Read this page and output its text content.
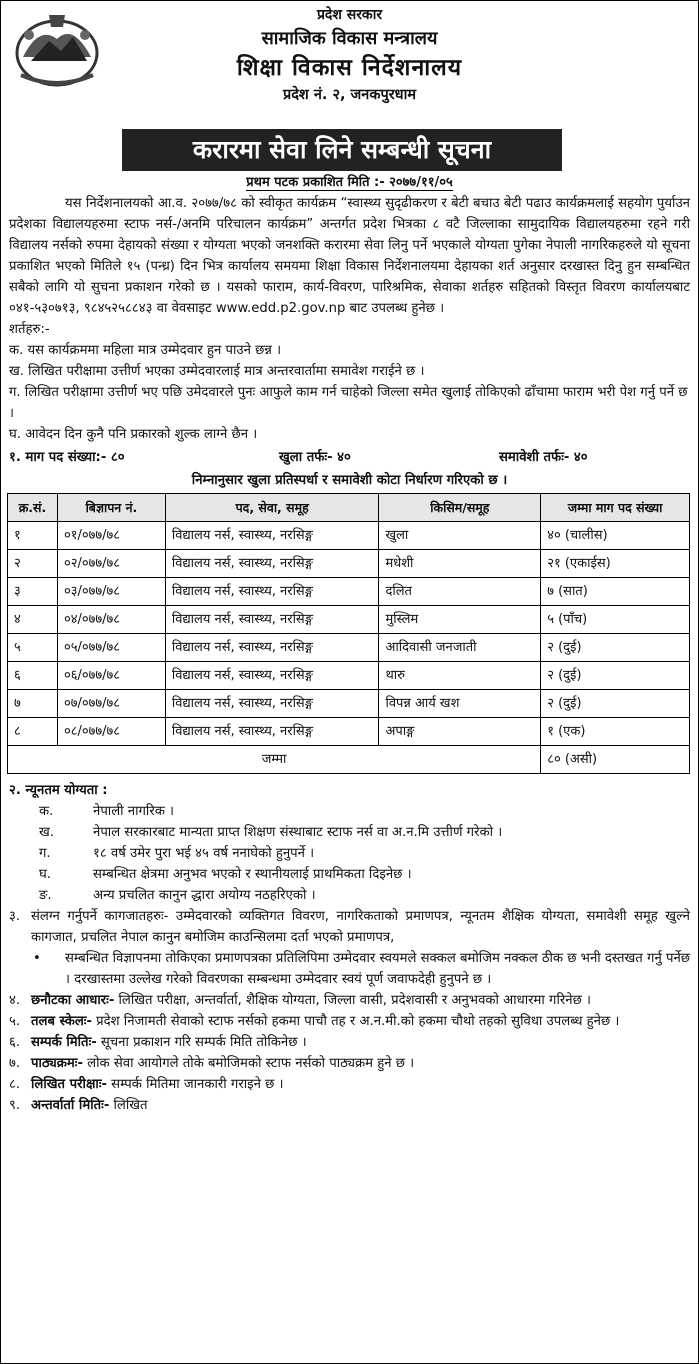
प्रदेश सरकार
सामाजिक विकास मन्त्रालय
शिक्षा विकास निर्देशनालय
प्रदेश नं. २, जनकपुरधाम
करारमा सेवा लिने सम्बन्धी सूचना
प्रथम पटक प्रकाशित मिति :- २०७७/११/०५

यस निर्देशनालयको आ.व. २०७७/७८ को स्वीकृत कार्यक्रम “स्वास्थ्य सुदृढीकरण र बेटी बचाउ बेटी पढाउ कार्यक्रमलाई सहयोग पुर्याउन प्रदेशका विद्यालयहरुमा स्टाफ नर्स-/अनमि परिचालन कार्यक्रम” अन्तर्गत प्रदेश भित्रका ८ वटै जिल्लाका सामुदायिक विद्यालयहरुमा रहने गरी विद्यालय नर्सको रुपमा देहायको संख्या र योग्यता भएको जनशक्ति करारमा सेवा लिनु पर्ने भएकाले योग्यता पुगेका नेपाली नागरिकहरुले यो सूचना प्रकाशित भएको मितिले १५ (पन्ध्र) दिन भित्र कार्यालय समयमा शिक्षा विकास निर्देशनालयमा देहायका शर्त अनुसार दरखास्त दिनु हुन सम्बन्धित सबैको लागि यो सुचना प्रकाशन गरेको छ । यसको फाराम, कार्य-विवरण, पारिश्रमिक, सेवाका शर्तहरु सहितको विस्तृत विवरण कार्यालयबाट ०४१-५३०७१३, ९८४५२५८८४३ वा वेवसाइट www.edd.p2.gov.np बाट उपलब्ध हुनेछ ।

शर्तहरु:-

क. यस कार्यक्रममा महिला मात्र उम्मेदवार हुन पाउने छन्न ।

ख. लिखित परीक्षामा उत्तीर्ण भएका उम्मेदवारलाई मात्र अन्तरवार्तामा समावेश गराईने छ ।

ग. लिखित परीक्षामा उत्तीर्ण भए पछि उमेदवारले पुनः आफुले काम गर्न चाहेको जिल्ला समेत खुलाई तोकिएको ढाँचामा फाराम भरी पेश गर्नु पर्ने छ ।

घ. आवेदन दिन कुनै पनि प्रकारको शुल्क लाग्ने छैन ।

१. माग पद संख्या:- ८०	खुला तर्फः- ४०	समावेशी तर्फः- ४०
निम्नानुसार खुला प्रतिस्पर्धा र समावेशी कोटा निर्धारण गरिएको छ ।
क्र.सं.	बिज्ञापन नं.	पद, सेवा, समूह	किसिम/समूह	जम्मा माग पद संख्या
१	०१/०७७/७८	विद्यालय नर्स, स्वास्थ्य, नरसिङ्ग	खुला	४० (चालीस)
२	०२/०७७/७८	विद्यालय नर्स, स्वास्थ्य, नरसिङ्ग	मधेशी	२१ (एकाईस)
३	०३/०७७/७८	विद्यालय नर्स, स्वास्थ्य, नरसिङ्ग	दलित	७ (सात)
४	०४/०७७/७८	विद्यालय नर्स, स्वास्थ्य, नरसिङ्ग	मुस्लिम	५ (पाँच)
५	०५/०७७/७८	विद्यालय नर्स, स्वास्थ्य, नरसिङ्ग	आदिवासी जनजाती	२ (दुई)
६	०६/०७७/७८	विद्यालय नर्स, स्वास्थ्य, नरसिङ्ग	थारु	२ (दुई)
७	०७/०७७/७८	विद्यालय नर्स, स्वास्थ्य, नरसिङ्ग	विपन्न आर्य खश	२ (दुई)
८	०८/०७७/७८	विद्यालय नर्स, स्वास्थ्य, नरसिङ्ग	अपाङ्ग	१ (एक)
जम्मा				८० (असी)

२. न्यूनतम योग्यता :

क.	नेपाली नागरिक ।
ख.	नेपाल सरकारबाट मान्यता प्राप्त शिक्षण संस्थाबाट स्टाफ नर्स वा अ.न.मि उत्तीर्ण गरेको ।
ग.	१८ वर्ष उमेर पुरा भई ४५ वर्ष ननाघेको हुनुपर्ने ।
घ.	सम्बन्धित क्षेत्रमा अनुभव भएको र स्थानीयलाई प्राथमिकता दिइनेछ ।
ङ.	अन्य प्रचलित कानुन द्धारा अयोग्य नठहरिएको ।
३. संलग्न गर्नुपर्ने कागजातहरुः- उम्मेदवारको व्यक्तिगत विवरण, नागरिकताको प्रमाणपत्र, न्यूनतम शैक्षिक योग्यता, समावेशी समूह खुल्ने कागजात, प्रचलित नेपाल कानुन बमोजिम काउन्सिलमा दर्ता भएको प्रमाणपत्र,
•	सम्बन्धित विज्ञापनमा तोकिएका प्रमाणपत्रका प्रतिलिपिमा उम्मेदवार स्वयमले सक्कल बमोजिम नक्कल ठीक छ भनी दस्तखत गर्नु पर्नेछ । दरखास्तमा उल्लेख गरेको विवरणका सम्बन्धमा उम्मेदवार स्वयं पूर्ण जवाफदेही हुनुपने छ ।
४. छनौटका आधारः- लिखित परीक्षा, अन्तर्वार्ता, शैक्षिक योग्यता, जिल्ला वासी, प्रदेशवासी र अनुभवको आधारमा गरिनेछ ।
५. तलब स्केलः- प्रदेश निजामती सेवाको स्टाफ नर्सको हकमा पाचौ तह र अ.न.मी.को हकमा चौथो तहको सुविधा उपलब्ध हुनेछ ।
६. सम्पर्क मितिः- सूचना प्रकाशन गरि सम्पर्क मिति तोकिनेछ ।
७. पाठ्यक्रमः- लोक सेवा आयोगले तोके बमोजिमको स्टाफ नर्सको पाठ्यक्रम हुने छ ।
८. लिखित परीक्षाः- सम्पर्क मितिमा जानकारी गराइने छ ।
९. अन्तर्वार्ता मितिः- लिखित
